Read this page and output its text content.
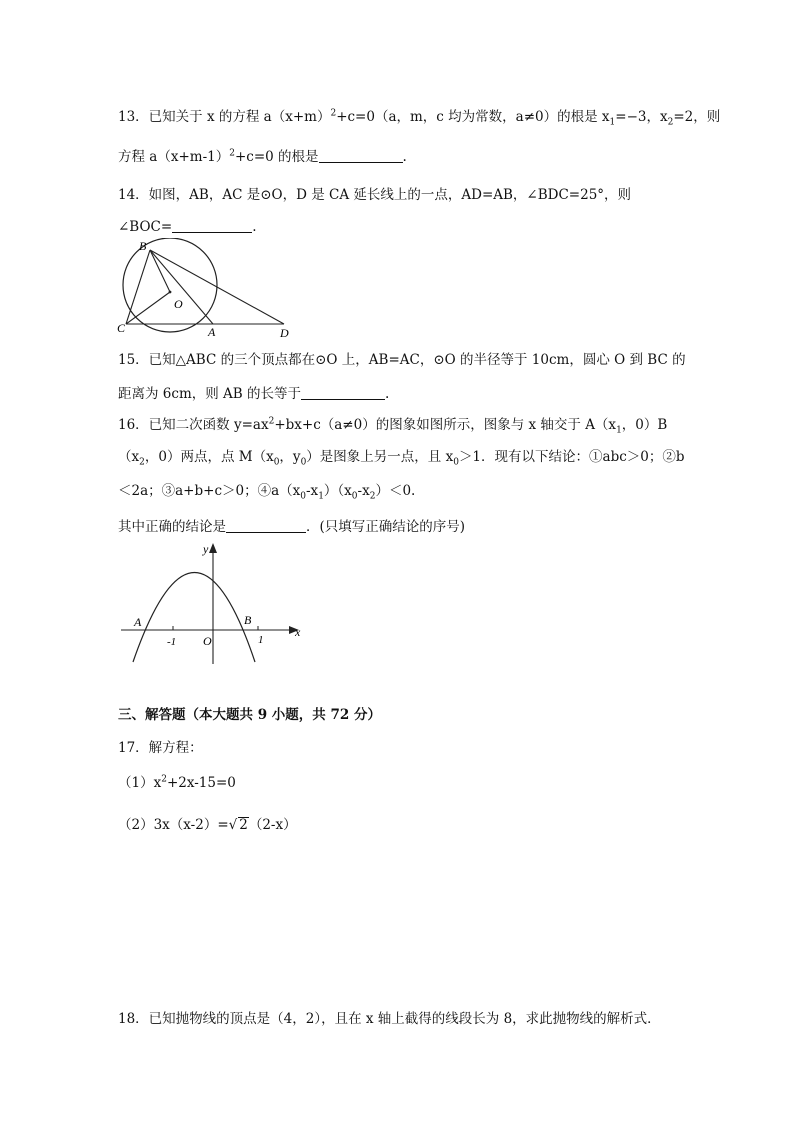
13．已知关于 x 的方程 $a(x+m)^2+c=0(a$，m，c 均为常数，a≠0）的根是 $x_1=-3$，$x_2=2$，则
方程 $a(x+m-1)^2+c=0$ 的根是	.
14．如图，AB，AC 是⊙O，D 是 CA 延长线上的一点，AD=AB，∠BDC=25°，则
∠BOC=	.
B
O
C	A	D
15．已知△ABC 的三个顶点都在⊙O 上，AB=AC，⊙O 的半径等于 10cm，圆心 O 到 BC 的
距离为 6cm，则 AB 的长等于	.
16．已知二次函数 $y=ax^2+bx+c(a\ne 0)$的图象如图所示，图象与 x 轴交于 $A(x_1$，0）B
（$x_2$，0）两点，点 $M(x_0$，$y_0$）是图象上另一点，且 $x_0>1$．现有以下结论：①abc＞0；②b
＜2a；③a+b+c＞0；$④a(x_0-x_1)(x_0-x_2)<0$.
其中正确的结论是	．(只填写正确结论的序号)
y
x
A	B
O
-1	1
三、解答题（本大题共 9 小题，共 72 分）
17．解方程：
$(1)x^2+2x-15=0$
（2）3x（x-2）=√ 2（2-x）
18．已知抛物线的顶点是（4，2），且在 x 轴上截得的线段长为 8，求此抛物线的解析式．
